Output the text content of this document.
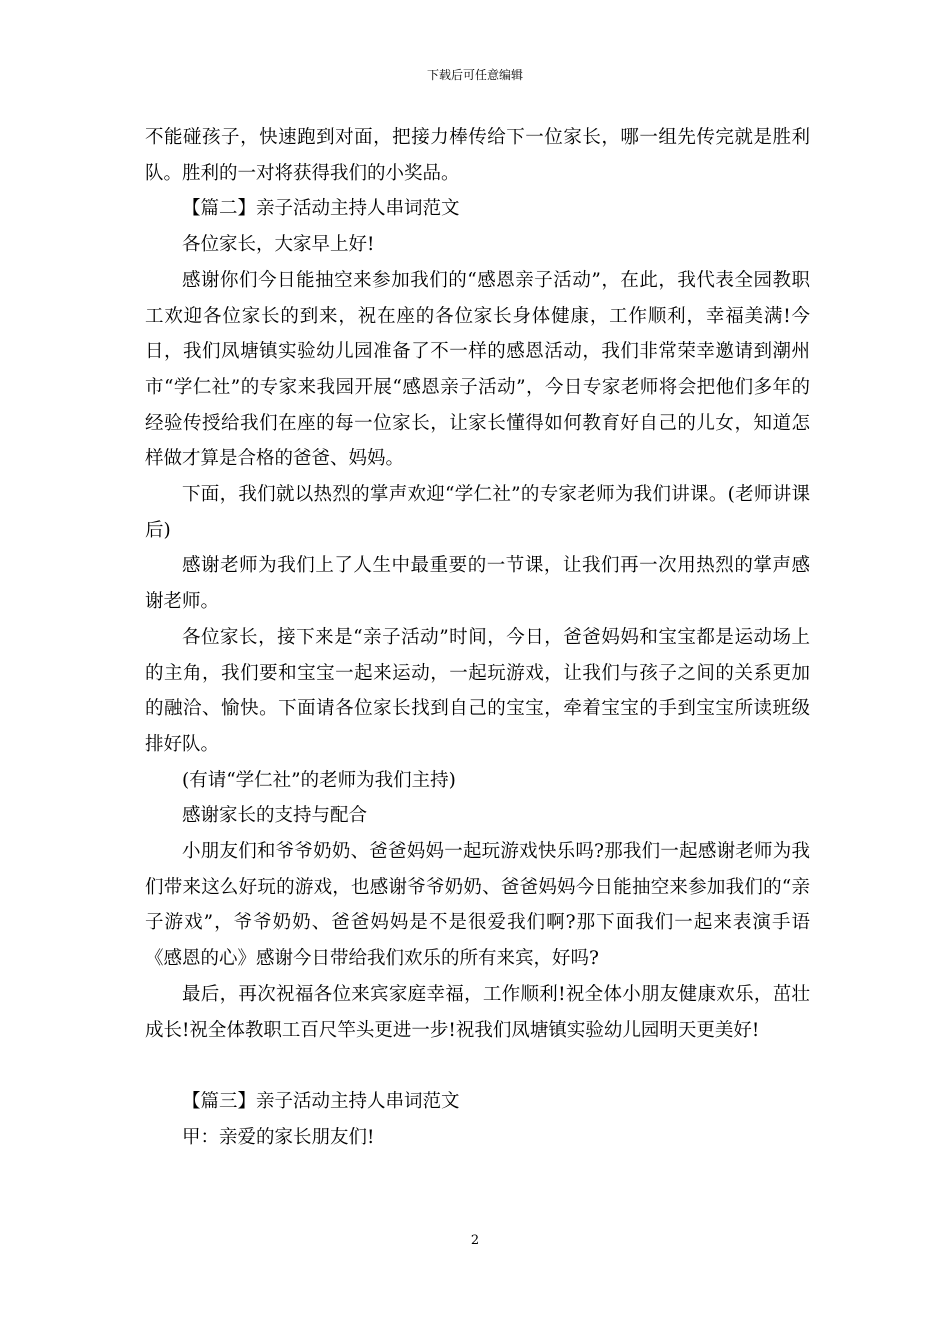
下载后可任意编辑

不能碰孩子，快速跑到对面，把接力棒传给下一位家长，哪一组先传完就是胜利队。胜利的一对将获得我们的小奖品。

【篇二】亲子活动主持人串词范文

各位家长，大家早上好!

感谢你们今日能抽空来参加我们的“感恩亲子活动”，在此，我代表全园教职工欢迎各位家长的到来，祝在座的各位家长身体健康，工作顺利，幸福美满!今日，我们凤塘镇实验幼儿园准备了不一样的感恩活动，我们非常荣幸邀请到潮州市“学仁社”的专家来我园开展“感恩亲子活动”，今日专家老师将会把他们多年的经验传授给我们在座的每一位家长，让家长懂得如何教育好自己的儿女，知道怎样做才算是合格的爸爸、妈妈。

下面，我们就以热烈的掌声欢迎“学仁社”的专家老师为我们讲课。(老师讲课后)

感谢老师为我们上了人生中最重要的一节课，让我们再一次用热烈的掌声感谢老师。

各位家长，接下来是“亲子活动”时间，今日，爸爸妈妈和宝宝都是运动场上的主角，我们要和宝宝一起来运动，一起玩游戏，让我们与孩子之间的关系更加的融洽、愉快。下面请各位家长找到自己的宝宝，牵着宝宝的手到宝宝所读班级排好队。

(有请“学仁社”的老师为我们主持)

感谢家长的支持与配合

小朋友们和爷爷奶奶、爸爸妈妈一起玩游戏快乐吗?那我们一起感谢老师为我们带来这么好玩的游戏，也感谢爷爷奶奶、爸爸妈妈今日能抽空来参加我们的“亲子游戏”，爷爷奶奶、爸爸妈妈是不是很爱我们啊?那下面我们一起来表演手语《感恩的心》感谢今日带给我们欢乐的所有来宾，好吗?

最后，再次祝福各位来宾家庭幸福，工作顺利!祝全体小朋友健康欢乐，茁壮成长!祝全体教职工百尺竿头更进一步!祝我们凤塘镇实验幼儿园明天更美好!

【篇三】亲子活动主持人串词范文

甲：亲爱的家长朋友们!

2
